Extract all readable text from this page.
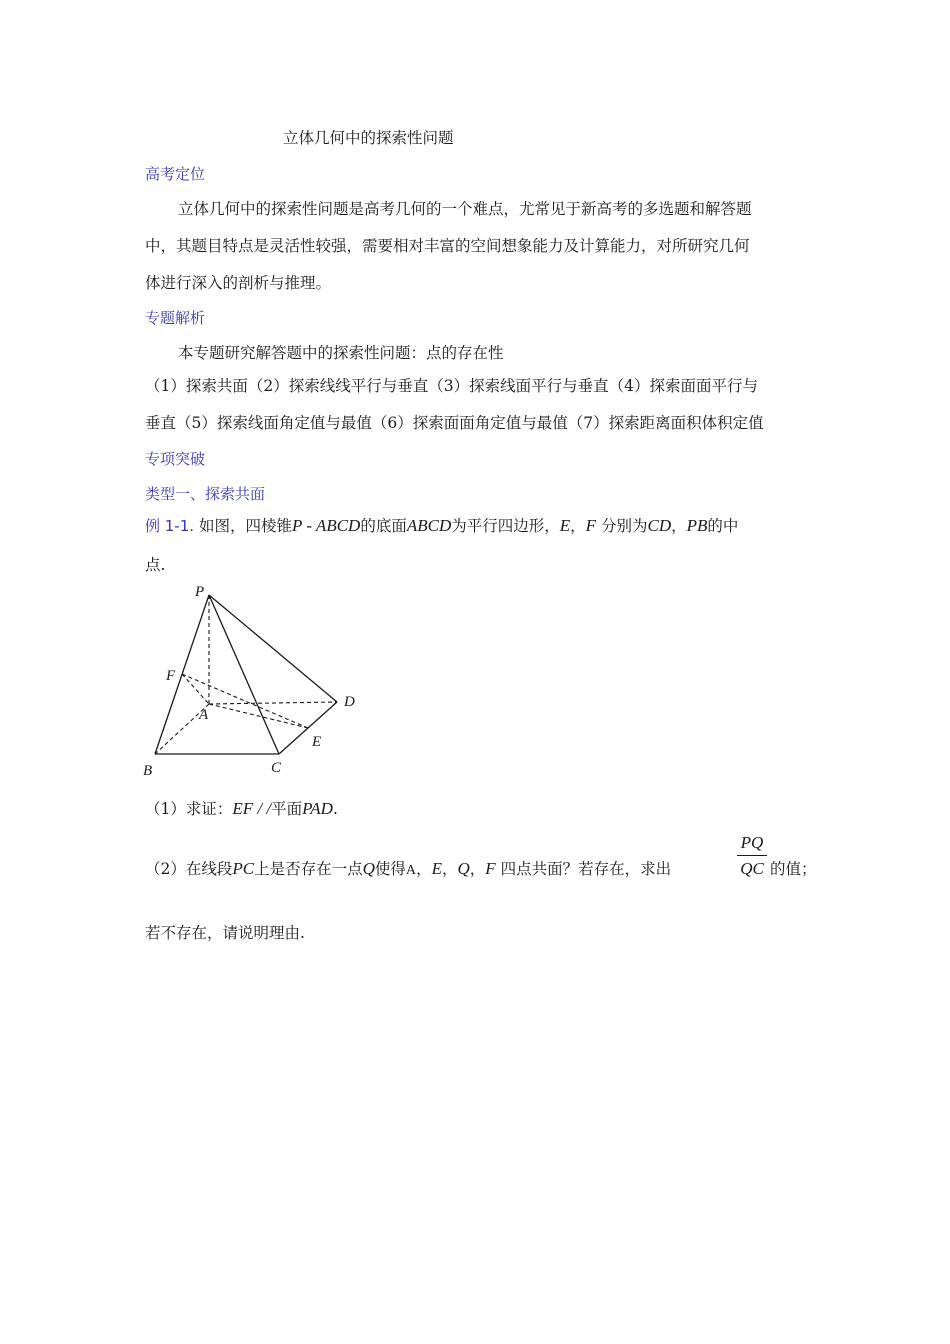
立体几何中的探索性问题
高考定位
立体几何中的探索性问题是高考几何的一个难点，尤常见于新高考的多选题和解答题
中，其题目特点是灵活性较强，需要相对丰富的空间想象能力及计算能力，对所研究几何
体进行深入的剖析与推理。
专题解析
本专题研究解答题中的探索性问题：点的存在性
（1）探索共面（2）探索线线平行与垂直（3）探索线面平行与垂直（4）探索面面平行与
垂直（5）探索线面角定值与最值（6）探索面面角定值与最值（7）探索距离面积体积定值
专项突破
类型一、探索共面
例 1-1. 如图，四棱锥P - ABCD的底面ABCD为平行四边形，E，F 分别为CD，PB的中
点.
P
F
A
D
E
B	C
（1）求证：EF / /平面PAD.
PQ
QC
（2）在线段PC上是否存在一点Q使得A，E，Q，F 四点共面？若存在，求出	的值；
若不存在，请说明理由.
